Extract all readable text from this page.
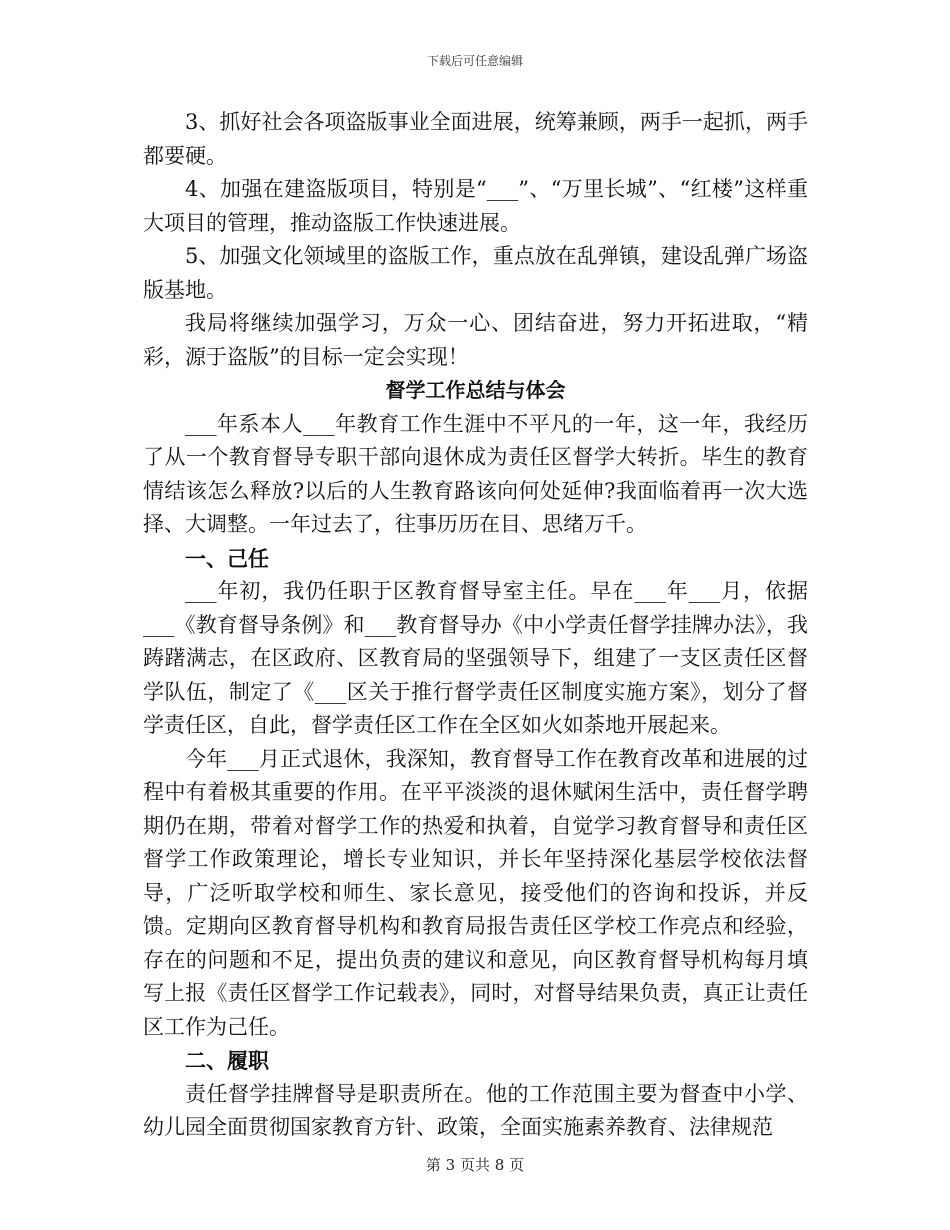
下载后可任意编辑

3、抓好社会各项盗版事业全面进展，统筹兼顾，两手一起抓，两手都要硬。

4、加强在建盗版项目，特别是“___”、“万里长城”、“红楼”这样重大项目的管理，推动盗版工作快速进展。

5、加强文化领域里的盗版工作，重点放在乱弹镇，建设乱弹广场盗版基地。

我局将继续加强学习，万众一心、团结奋进，努力开拓进取，“精彩，源于盗版”的目标一定会实现！

督学工作总结与体会

___年系本人___年教育工作生涯中不平凡的一年，这一年，我经历了从一个教育督导专职干部向退休成为责任区督学大转折。毕生的教育情结该怎么释放?以后的人生教育路该向何处延伸?我面临着再一次大选择、大调整。一年过去了，往事历历在目、思绪万千。

一、己任

___年初，我仍任职于区教育督导室主任。早在___年___月，依据___《教育督导条例》和___教育督导办《中小学责任督学挂牌办法》，我踌躇满志，在区政府、区教育局的坚强领导下，组建了一支区责任区督学队伍，制定了《___区关于推行督学责任区制度实施方案》，划分了督学责任区，自此，督学责任区工作在全区如火如荼地开展起来。

今年___月正式退休，我深知，教育督导工作在教育改革和进展的过程中有着极其重要的作用。在平平淡淡的退休赋闲生活中，责任督学聘期仍在期，带着对督学工作的热爱和执着，自觉学习教育督导和责任区督学工作政策理论，增长专业知识，并长年坚持深化基层学校依法督导，广泛听取学校和师生、家长意见，接受他们的咨询和投诉，并反馈。定期向区教育督导机构和教育局报告责任区学校工作亮点和经验，存在的问题和不足，提出负责的建议和意见，向区教育督导机构每月填写上报《责任区督学工作记载表》，同时，对督导结果负责，真正让责任区工作为己任。

二、履职

责任督学挂牌督导是职责所在。他的工作范围主要为督查中小学、幼儿园全面贯彻国家教育方针、政策，全面实施素养教育、法律规范

第 3 页共 8 页
